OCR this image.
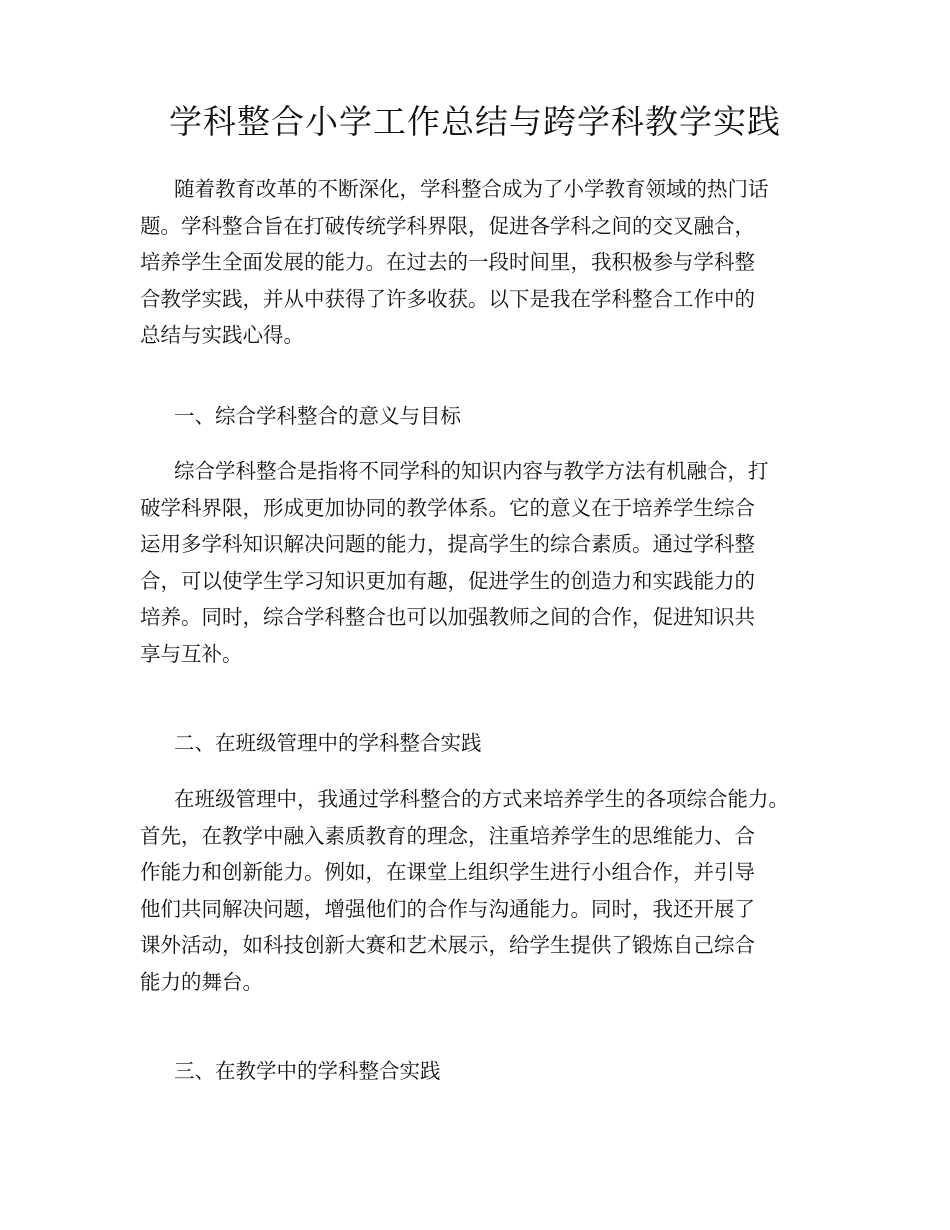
学科整合小学工作总结与跨学科教学实践
随着教育改革的不断深化，学科整合成为了小学教育领域的热门话
题。学科整合旨在打破传统学科界限，促进各学科之间的交叉融合，
培养学生全面发展的能力。在过去的一段时间里，我积极参与学科整
合教学实践，并从中获得了许多收获。以下是我在学科整合工作中的
总结与实践心得。
一、综合学科整合的意义与目标
综合学科整合是指将不同学科的知识内容与教学方法有机融合，打
破学科界限，形成更加协同的教学体系。它的意义在于培养学生综合
运用多学科知识解决问题的能力，提高学生的综合素质。通过学科整
合，可以使学生学习知识更加有趣，促进学生的创造力和实践能力的
培养。同时，综合学科整合也可以加强教师之间的合作，促进知识共
享与互补。
二、在班级管理中的学科整合实践
在班级管理中，我通过学科整合的方式来培养学生的各项综合能力。
首先，在教学中融入素质教育的理念，注重培养学生的思维能力、合
作能力和创新能力。例如，在课堂上组织学生进行小组合作，并引导
他们共同解决问题，增强他们的合作与沟通能力。同时，我还开展了
课外活动，如科技创新大赛和艺术展示，给学生提供了锻炼自己综合
能力的舞台。
三、在教学中的学科整合实践
